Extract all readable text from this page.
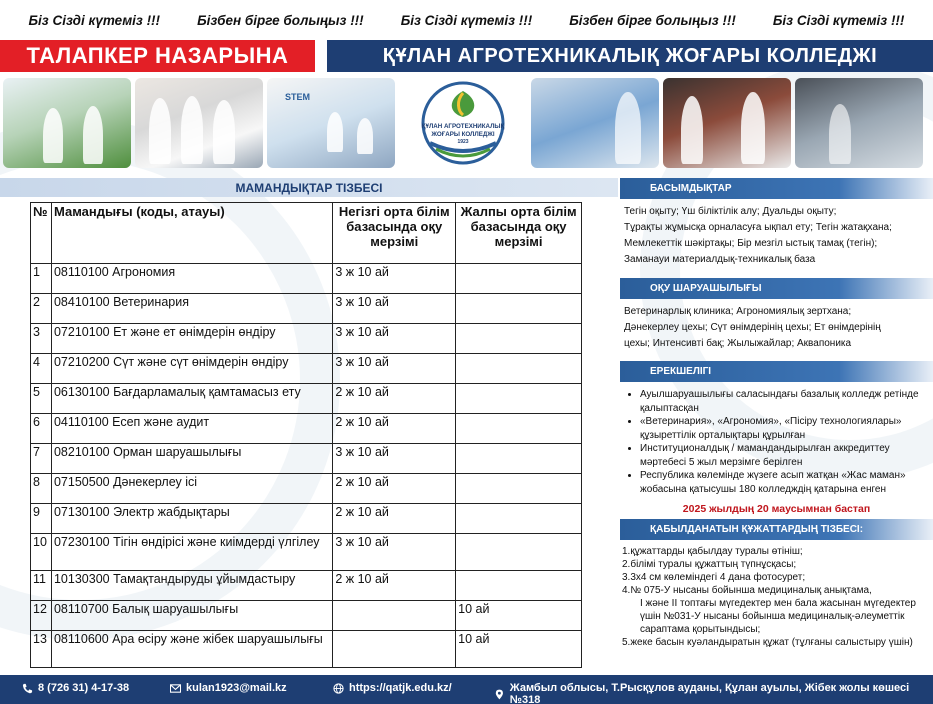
Біз Сіздi күтеміз !!!	Бізбен бірге болыңыз !!!	Біз Сіздi күтеміз !!!	Бізбен бірге болыңыз !!!	Біз Сіздi күтеміз !!!
ТАЛАПКЕР НАЗАРЫНА	ҚҰЛАН АГРОТЕХНИКАЛЫҚ ЖОҒАРЫ КОЛЛЕДЖІ
STEM
ҚҰЛАН АГРОТЕХНИКАЛЫҚ
ЖОҒАРЫ КОЛЛЕДЖІ
1923
МАМАНДЫҚТАР ТІЗБЕСІ
№	Мамандығы (коды, атауы)	Негізгі орта білім базасында оқу мерзімі	Жалпы орта білім базасында оқу мерзімі
1	08110100 Агрономия	3 ж 10 ай	
2	08410100 Ветеринария	3 ж 10 ай	
3	07210100 Ет және ет өнімдерін өндіру	3 ж 10 ай	
4	07210200 Сүт және сүт өнімдерін өндіру	3 ж 10 ай	
5	06130100 Бағдарламалық қамтамасыз ету	2 ж 10 ай	
6	04110100 Есеп және аудит	2 ж 10 ай	
7	08210100 Орман шаруашылығы	3 ж 10 ай	
8	07150500 Дәнекерлеу ісі	2 ж 10 ай	
9	07130100 Электр жабдықтары	2 ж 10 ай	
10	07230100 Тігін өндірісі және киімдерді үлгілеу	3 ж 10 ай	
11	10130300 Тамақтандыруды ұйымдастыру	2 ж 10 ай	
12	08110700 Балық шаруашылығы		10 ай
13	08110600 Ара өсіру және жібек шаруашылығы		10 ай
БАСЫМДЫҚТАР
Тегін оқыту; Үш біліктілік алу; Дуальды оқыту;
Тұрақты жұмысқа орналасуға ықпал ету; Тегін жатақхана;
Мемлекеттік шәкіртақы; Бір мезгіл ыстық тамақ (тегін);
Заманауи материалдық-техникалық база
ОҚУ ШАРУАШЫЛЫҒЫ
Ветеринарлық клиника; Агрономиялық зертхана;
Дәнекерлеу цехы; Сүт өнімдерінің цехы; Ет өнімдерінің
цехы; Интенсивті бақ; Жылыжайлар; Аквапоника
ЕРЕКШЕЛІГІ
• Ауылшаруашылығы саласындағы базалық колледж ретінде қалыптасқан
• «Ветеринария», «Агрономия», «Пісіру технологиялары» құзыреттілік орталықтары құрылған
• Институционалдық / мамандандырылған аккредиттеу мәртебесі 5 жыл мерзімге берілген
• Республика көлемінде жүзеге асып жатқан «Жас маман» жобасына қатысушы 180 колледждің қатарына енген
2025 жылдың 20 маусымнан бастап
ҚАБЫЛДАНАТЫН ҚҰЖАТТАРДЫҢ ТІЗБЕСІ:
1.құжаттарды қабылдау туралы өтініш;
2.білімі туралы құжаттың түпнұсқасы;
3.3х4 см көлеміндегі 4 дана фотосурет;
4.№ 075-У нысаны бойынша медициналық анықтама,
I және II топтағы мүгедектер мен бала жасынан мүгедектер үшін №031-У нысаны бойынша медициналық-әлеуметтік сараптама қорытындысы;
5.жеке басын куәландыратын құжат (тұлғаны салыстыру үшін)
8 (726 31) 4-17-38	kulan1923@mail.kz	https://qatjk.edu.kz/	Жамбыл облысы, Т.Рысқұлов ауданы, Құлан ауылы, Жібек жолы көшесі №318
